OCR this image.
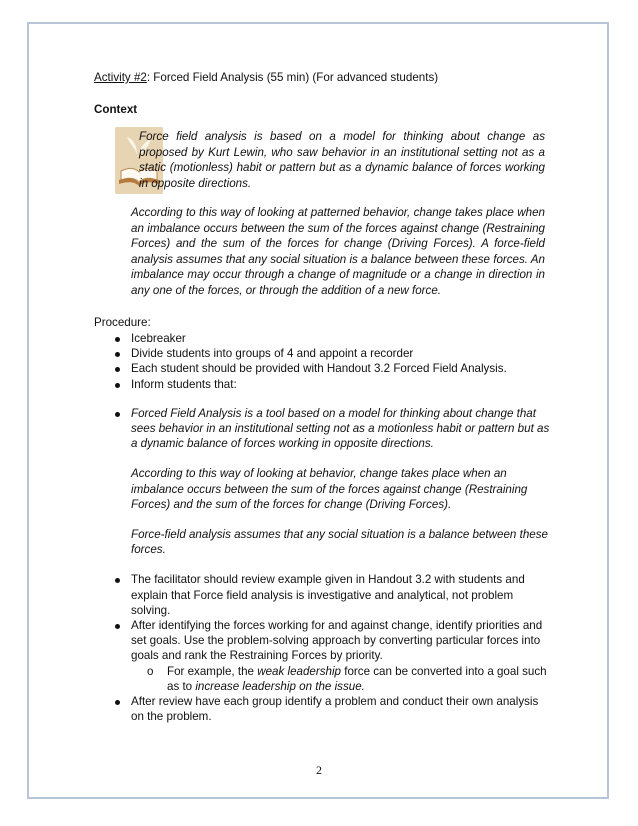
Activity #2: Forced Field Analysis (55 min) (For advanced students)
Context
Force field analysis is based on a model for thinking about change as proposed by Kurt Lewin, who saw behavior in an institutional setting not as a static (motionless) habit or pattern but as a dynamic balance of forces working in opposite directions.
According to this way of looking at patterned behavior, change takes place when an imbalance occurs between the sum of the forces against change (Restraining Forces) and the sum of the forces for change (Driving Forces). A force-field analysis assumes that any social situation is a balance between these forces. An imbalance may occur through a change of magnitude or a change in direction in any one of the forces, or through the addition of a new force.
Procedure:
Icebreaker
Divide students into groups of 4 and appoint a recorder
Each student should be provided with Handout 3.2 Forced Field Analysis.
Inform students that:
Forced Field Analysis is a tool based on a model for thinking about change that sees behavior in an institutional setting not as a motionless habit or pattern but as a dynamic balance of forces working in opposite directions.
According to this way of looking at behavior, change takes place when an imbalance occurs between the sum of the forces against change (Restraining Forces) and the sum of the forces for change (Driving Forces).
Force-field analysis assumes that any social situation is a balance between these forces.
The facilitator should review example given in Handout 3.2 with students and explain that Force field analysis is investigative and analytical, not problem solving.
After identifying the forces working for and against change, identify priorities and set goals. Use the problem-solving approach by converting particular forces into goals and rank the Restraining Forces by priority.
o For example, the weak leadership force can be converted into a goal such as to increase leadership on the issue.
After review have each group identify a problem and conduct their own analysis on the problem.
2
